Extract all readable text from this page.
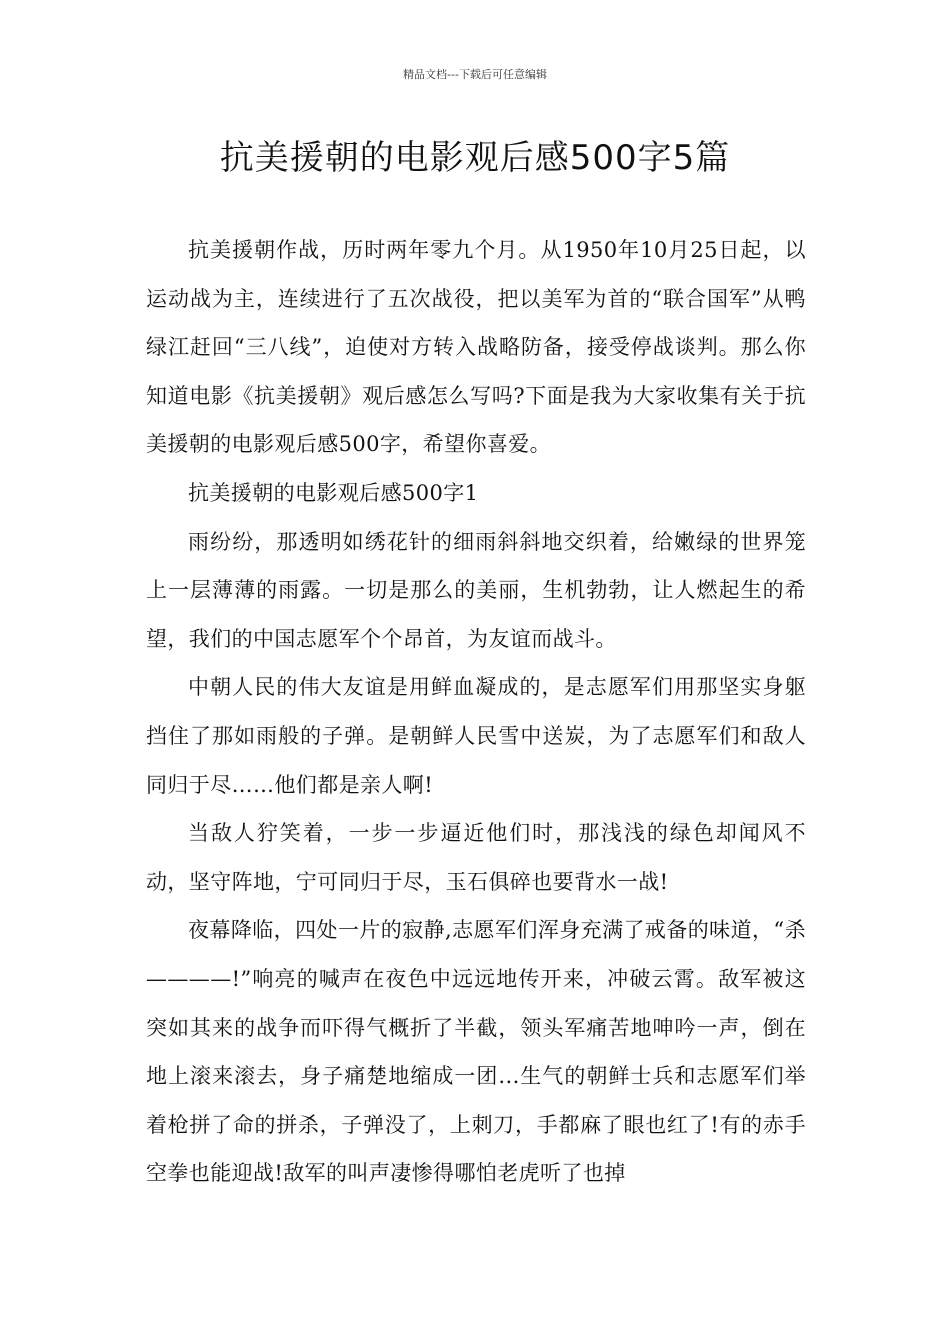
精品文档---下载后可任意编辑
抗美援朝的电影观后感500字5篇

抗美援朝作战，历时两年零九个月。从1950年10月25日起，以运动战为主，连续进行了五次战役，把以美军为首的“联合国军”从鸭绿江赶回“三八线”，迫使对方转入战略防备，接受停战谈判。那么你知道电影《抗美援朝》观后感怎么写吗?下面是我为大家收集有关于抗美援朝的电影观后感500字，希望你喜爱。

抗美援朝的电影观后感500字1

雨纷纷，那透明如绣花针的细雨斜斜地交织着，给嫩绿的世界笼上一层薄薄的雨露。一切是那么的美丽，生机勃勃，让人燃起生的希望，我们的中国志愿军个个昂首，为友谊而战斗。

中朝人民的伟大友谊是用鲜血凝成的，是志愿军们用那坚实身躯挡住了那如雨般的子弹。是朝鲜人民雪中送炭，为了志愿军们和敌人同归于尽……他们都是亲人啊!

当敌人狞笑着，一步一步逼近他们时，那浅浅的绿色却闻风不动，坚守阵地，宁可同归于尽，玉石俱碎也要背水一战!

夜幕降临，四处一片的寂静,志愿军们浑身充满了戒备的味道，“杀————!”响亮的喊声在夜色中远远地传开来，冲破云霄。敌军被这突如其来的战争而吓得气概折了半截，领头军痛苦地呻吟一声，倒在地上滚来滚去，身子痛楚地缩成一团...生气的朝鲜士兵和志愿军们举着枪拼了命的拼杀，子弹没了，上刺刀，手都麻了眼也红了!有的赤手空拳也能迎战!敌军的叫声凄惨得哪怕老虎听了也掉
